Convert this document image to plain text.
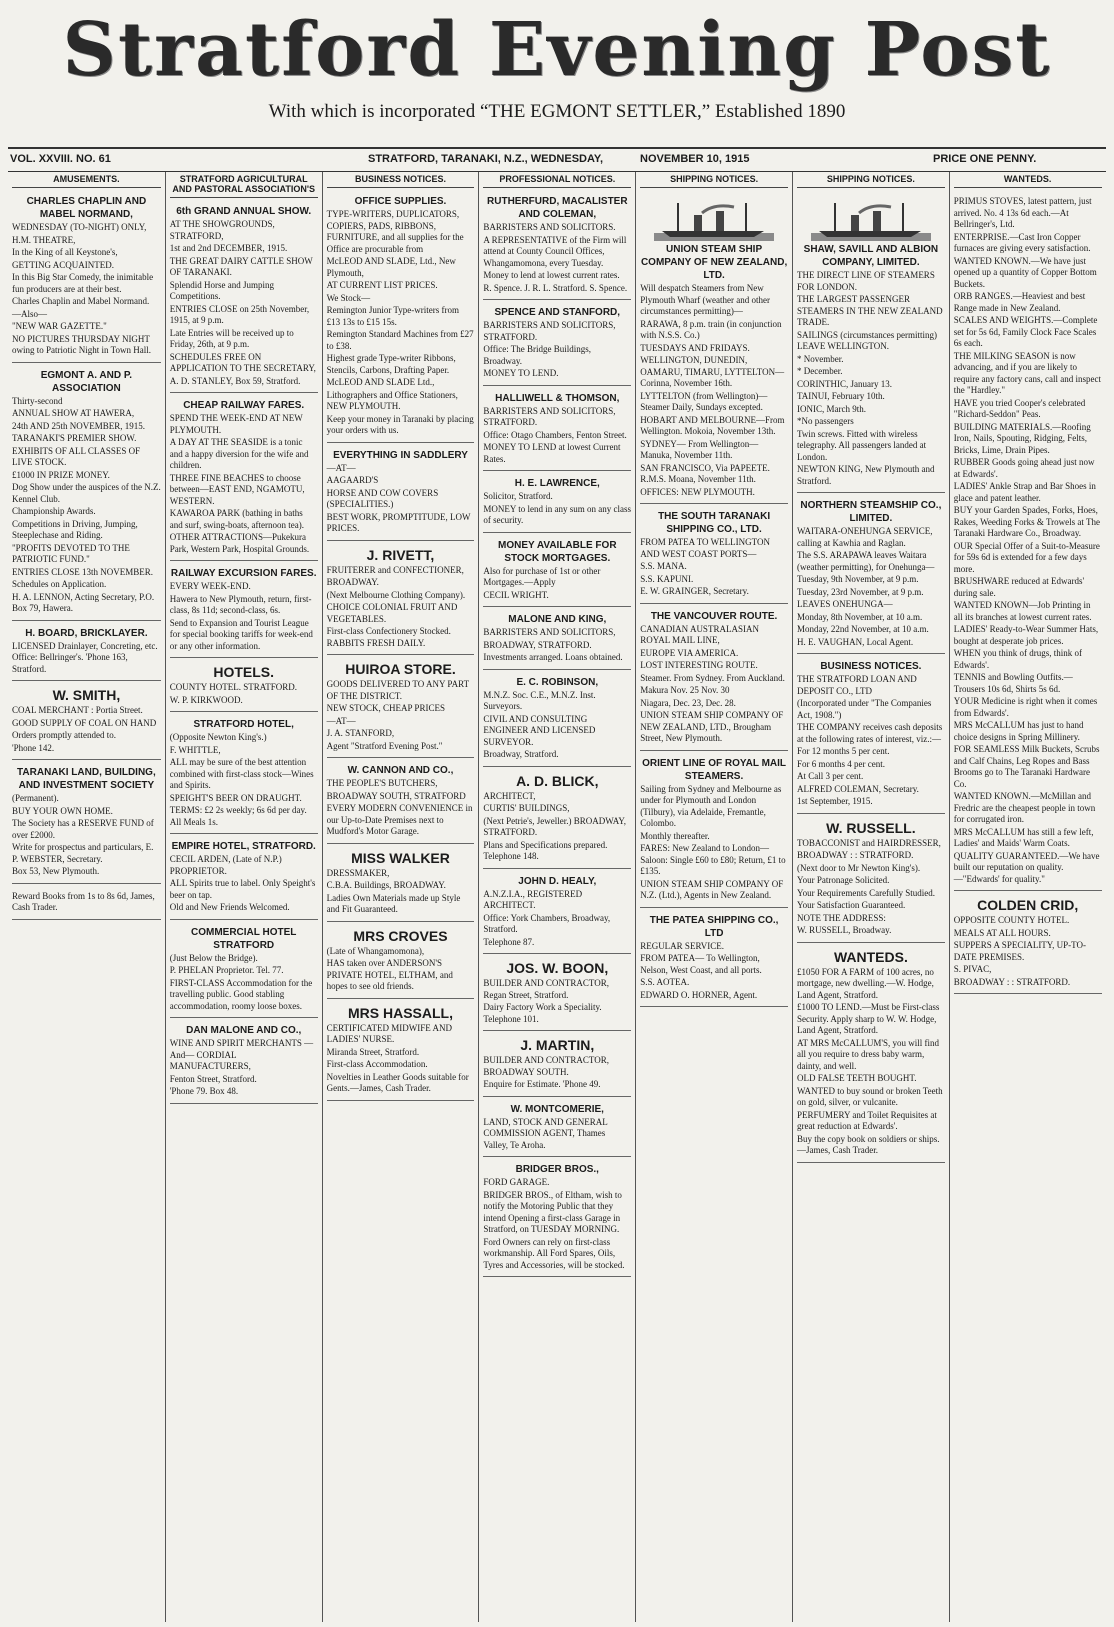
Stratford Evening Post
With which is incorporated “THE EGMONT SETTLER,” Established 1890
VOL. XXVIII. NO. 61	STRATFORD, TARANAKI, N.Z., WEDNESDAY,	NOVEMBER 10, 1915	PRICE ONE PENNY.
AMUSEMENTS.
CHARLES CHAPLIN AND MABEL NORMAND,
WEDNESDAY (TO-NIGHT) ONLY,
H.M. THEATRE,
In the King of all Keystone's,
GETTING ACQUAINTED.
In this Big Star Comedy, the inimitable fun producers are at their best.
Charles Chaplin and Mabel Normand.
—Also—
"NEW WAR GAZETTE."
NO PICTURES THURSDAY NIGHT owing to Patriotic Night in Town Hall.
EGMONT A. AND P. ASSOCIATION
Thirty-second
ANNUAL SHOW AT HAWERA,
24th AND 25th NOVEMBER, 1915.
TARANAKI'S PREMIER SHOW.
EXHIBITS OF ALL CLASSES OF LIVE STOCK.
£1000 IN PRIZE MONEY.
Dog Show under the auspices of the N.Z. Kennel Club.
Championship Awards.
Competitions in Driving, Jumping, Steeplechase and Riding.
"PROFITS DEVOTED TO THE PATRIOTIC FUND."
ENTRIES CLOSE 13th NOVEMBER.
Schedules on Application.
H. A. LENNON, Acting Secretary, P.O. Box 79, Hawera.
H. BOARD, BRICKLAYER.
LICENSED Drainlayer, Concreting, etc. Office: Bellringer's. 'Phone 163, Stratford.
W. SMITH,
COAL MERCHANT : Portia Street.
GOOD SUPPLY OF COAL ON HAND
Orders promptly attended to.
'Phone 142.
TARANAKI LAND, BUILDING, AND INVESTMENT SOCIETY
(Permanent).
BUY YOUR OWN HOME.
The Society has a RESERVE FUND of over £2000.
Write for prospectus and particulars, E. P. WEBSTER, Secretary.
Box 53, New Plymouth.
Reward Books from 1s to 8s 6d, James, Cash Trader.
STRATFORD AGRICULTURAL AND PASTORAL ASSOCIATION'S
6th GRAND ANNUAL SHOW.
AT THE SHOWGROUNDS, STRATFORD,
1st and 2nd DECEMBER, 1915.
THE GREAT DAIRY CATTLE SHOW OF TARANAKI.
Splendid Horse and Jumping Competitions.
ENTRIES CLOSE on 25th November, 1915, at 9 p.m.
Late Entries will be received up to Friday, 26th, at 9 p.m.
SCHEDULES FREE ON APPLICATION TO THE SECRETARY,
A. D. STANLEY, Box 59, Stratford.
CHEAP RAILWAY FARES.
SPEND THE WEEK-END AT NEW PLYMOUTH.
A DAY AT THE SEASIDE is a tonic and a happy diversion for the wife and children.
THREE FINE BEACHES to choose between—EAST END, NGAMOTU, WESTERN.
KAWAROA PARK (bathing in baths and surf, swing-boats, afternoon tea).
OTHER ATTRACTIONS—Pukekura Park, Western Park, Hospital Grounds.
RAILWAY EXCURSION FARES.
EVERY WEEK-END.
Hawera to New Plymouth, return, first-class, 8s 11d; second-class, 6s.
Send to Expansion and Tourist League for special booking tariffs for week-end or any other information.
HOTELS.
COUNTY HOTEL. STRATFORD.
W. P. KIRKWOOD.
STRATFORD HOTEL,
(Opposite Newton King's.)
F. WHITTLE,
ALL may be sure of the best attention combined with first-class stock—Wines and Spirits.
SPEIGHT'S BEER ON DRAUGHT.
TERMS: £2 2s weekly; 6s 6d per day. All Meals 1s.
EMPIRE HOTEL, STRATFORD.
CECIL ARDEN, (Late of N.P.) PROPRIETOR.
ALL Spirits true to label. Only Speight's beer on tap.
Old and New Friends Welcomed.
COMMERCIAL HOTEL STRATFORD
(Just Below the Bridge).
P. PHELAN Proprietor. Tel. 77.
FIRST-CLASS Accommodation for the travelling public. Good stabling accommodation, roomy loose boxes.
DAN MALONE AND CO.,
WINE AND SPIRIT MERCHANTS —And— CORDIAL MANUFACTURERS,
Fenton Street, Stratford.
'Phone 79. Box 48.
BUSINESS NOTICES.
OFFICE SUPPLIES.
TYPE-WRITERS, DUPLICATORS, COPIERS, PADS, RIBBONS, FURNITURE, and all supplies for the Office are procurable from
McLEOD AND SLADE, Ltd., New Plymouth,
AT CURRENT LIST PRICES.
We Stock—
Remington Junior Type-writers from £13 13s to £15 15s.
Remington Standard Machines from £27 to £38.
Highest grade Type-writer Ribbons, Stencils, Carbons, Drafting Paper.
McLEOD AND SLADE Ltd.,
Lithographers and Office Stationers, NEW PLYMOUTH.
Keep your money in Taranaki by placing your orders with us.
EVERYTHING IN SADDLERY
—AT—
AAGAARD'S
HORSE AND COW COVERS (SPECIALITIES.)
BEST WORK, PROMPTITUDE, LOW PRICES.
J. RIVETT,
FRUITERER and CONFECTIONER,
BROADWAY.
(Next Melbourne Clothing Company).
CHOICE COLONIAL FRUIT AND VEGETABLES.
First-class Confectionery Stocked. RABBITS FRESH DAILY.
HUIROA STORE.
GOODS DELIVERED TO ANY PART OF THE DISTRICT.
NEW STOCK, CHEAP PRICES
—AT—
J. A. STANFORD,
Agent "Stratford Evening Post."
W. CANNON AND CO.,
THE PEOPLE'S BUTCHERS,
BROADWAY SOUTH, STRATFORD
EVERY MODERN CONVENIENCE in our Up-to-Date Premises next to Mudford's Motor Garage.
MISS WALKER
DRESSMAKER,
C.B.A. Buildings, BROADWAY.
Ladies Own Materials made up Style and Fit Guaranteed.
MRS CROVES
(Late of Whangamomona),
HAS taken over ANDERSON'S PRIVATE HOTEL, ELTHAM, and hopes to see old friends.
MRS HASSALL,
CERTIFICATED MIDWIFE AND LADIES' NURSE.
Miranda Street, Stratford.
First-class Accommodation.
Novelties in Leather Goods suitable for Gents.—James, Cash Trader.
PROFESSIONAL NOTICES.
RUTHERFURD, MACALISTER AND COLEMAN,
BARRISTERS AND SOLICITORS.
A REPRESENTATIVE of the Firm will attend at County Council Offices, Whangamomona, every Tuesday.
Money to lend at lowest current rates.
R. Spence. J. R. L. Stratford. S. Spence.
SPENCE AND STANFORD,
BARRISTERS AND SOLICITORS, STRATFORD.
Office: The Bridge Buildings, Broadway.
MONEY TO LEND.
HALLIWELL & THOMSON,
BARRISTERS AND SOLICITORS, STRATFORD.
Office: Otago Chambers, Fenton Street.
MONEY TO LEND at lowest Current Rates.
H. E. LAWRENCE,
Solicitor, Stratford.
MONEY to lend in any sum on any class of security.
MONEY AVAILABLE FOR STOCK MORTGAGES.
Also for purchase of 1st or other Mortgages.—Apply
CECIL WRIGHT.
MALONE AND KING,
BARRISTERS AND SOLICITORS,
BROADWAY, STRATFORD.
Investments arranged. Loans obtained.
E. C. ROBINSON,
M.N.Z. Soc. C.E., M.N.Z. Inst. Surveyors.
CIVIL AND CONSULTING ENGINEER AND LICENSED SURVEYOR.
Broadway, Stratford.
A. D. BLICK,
ARCHITECT,
CURTIS' BUILDINGS,
(Next Petrie's, Jeweller.) BROADWAY, STRATFORD.
Plans and Specifications prepared. Telephone 148.
JOHN D. HEALY,
A.N.Z.I.A., REGISTERED ARCHITECT.
Office: York Chambers, Broadway, Stratford.
Telephone 87.
JOS. W. BOON,
BUILDER AND CONTRACTOR, Regan Street, Stratford.
Dairy Factory Work a Speciality. Telephone 101.
J. MARTIN,
BUILDER AND CONTRACTOR, BROADWAY SOUTH.
Enquire for Estimate. 'Phone 49.
W. MONTCOMERIE,
LAND, STOCK AND GENERAL COMMISSION AGENT, Thames Valley, Te Aroha.
BRIDGER BROS.,
FORD GARAGE.
BRIDGER BROS., of Eltham, wish to notify the Motoring Public that they intend Opening a first-class Garage in Stratford, on TUESDAY MORNING.
Ford Owners can rely on first-class workmanship. All Ford Spares, Oils, Tyres and Accessories, will be stocked.
SHIPPING NOTICES.
UNION STEAM SHIP COMPANY OF NEW ZEALAND, LTD.
Will despatch Steamers from New Plymouth Wharf (weather and other circumstances permitting)—
RARAWA, 8 p.m. train (in conjunction with N.S.S. Co.)
TUESDAYS AND FRIDAYS.
WELLINGTON, DUNEDIN, OAMARU, TIMARU, LYTTELTON— Corinna, November 16th.
LYTTELTON (from Wellington)— Steamer Daily, Sundays excepted.
HOBART AND MELBOURNE—From Wellington. Mokoia, November 13th.
SYDNEY— From Wellington—Manuka, November 11th.
SAN FRANCISCO, Via PAPEETE. R.M.S. Moana, November 11th.
OFFICES: NEW PLYMOUTH.
THE SOUTH TARANAKI SHIPPING CO., LTD.
FROM PATEA TO WELLINGTON AND WEST COAST PORTS—
S.S. MANA.
S.S. KAPUNI.
E. W. GRAINGER, Secretary.
THE VANCOUVER ROUTE.
CANADIAN AUSTRALASIAN ROYAL MAIL LINE,
EUROPE VIA AMERICA.
LOST INTERESTING ROUTE.
Steamer. From Sydney. From Auckland.
Makura Nov. 25 Nov. 30
Niagara, Dec. 23, Dec. 28.
UNION STEAM SHIP COMPANY OF NEW ZEALAND, LTD., Brougham Street, New Plymouth.
ORIENT LINE OF ROYAL MAIL STEAMERS.
Sailing from Sydney and Melbourne as under for Plymouth and London (Tilbury), via Adelaide, Fremantle, Colombo.
Monthly thereafter.
FARES: New Zealand to London— Saloon: Single £60 to £80; Return, £1 to £135.
UNION STEAM SHIP COMPANY OF N.Z. (Ltd.), Agents in New Zealand.
THE PATEA SHIPPING CO., LTD
REGULAR SERVICE.
FROM PATEA— To Wellington, Nelson, West Coast, and all ports.
S.S. AOTEA.
EDWARD O. HORNER, Agent.
SHIPPING NOTICES.
SHAW, SAVILL AND ALBION COMPANY, LIMITED.
THE DIRECT LINE OF STEAMERS FOR LONDON.
THE LARGEST PASSENGER STEAMERS IN THE NEW ZEALAND TRADE.
SAILINGS (circumstances permitting) LEAVE WELLINGTON.
* November.
* December.
CORINTHIC, January 13.
TAINUI, February 10th.
IONIC, March 9th.
*No passengers
Twin screws. Fitted with wireless telegraphy. All passengers landed at London.
NEWTON KING, New Plymouth and Stratford.
NORTHERN STEAMSHIP CO., LIMITED.
WAITARA-ONEHUNGA SERVICE, calling at Kawhia and Raglan.
The S.S. ARAPAWA leaves Waitara (weather permitting), for Onehunga—
Tuesday, 9th November, at 9 p.m.
Tuesday, 23rd November, at 9 p.m.
LEAVES ONEHUNGA—
Monday, 8th November, at 10 a.m.
Monday, 22nd November, at 10 a.m.
H. E. VAUGHAN, Local Agent.
BUSINESS NOTICES.
THE STRATFORD LOAN AND DEPOSIT CO., LTD
(Incorporated under "The Companies Act, 1908.")
THE COMPANY receives cash deposits at the following rates of interest, viz.:—
For 12 months 5 per cent.
For 6 months 4 per cent.
At Call 3 per cent.
ALFRED COLEMAN, Secretary.
1st September, 1915.
W. RUSSELL.
TOBACCONIST and HAIRDRESSER,
BROADWAY : : STRATFORD.
(Next door to Mr Newton King's).
Your Patronage Solicited.
Your Requirements Carefully Studied.
Your Satisfaction Guaranteed.
NOTE THE ADDRESS:
W. RUSSELL, Broadway.
WANTEDS.
£1050 FOR A FARM of 100 acres, no mortgage, new dwelling.—W. Hodge, Land Agent, Stratford.
£1000 TO LEND.—Must be First-class Security. Apply sharp to W. W. Hodge, Land Agent, Stratford.
AT MRS McCALLUM'S, you will find all you require to dress baby warm, dainty, and well.
OLD FALSE TEETH BOUGHT.
WANTED to buy sound or broken Teeth on gold, silver, or vulcanite.
PERFUMERY and Toilet Requisites at great reduction at Edwards'.
Buy the copy book on soldiers or ships.—James, Cash Trader.
WANTEDS.
PRIMUS STOVES, latest pattern, just arrived. No. 4 13s 6d each.—At Bellringer's, Ltd.
ENTERPRISE.—Cast Iron Copper furnaces are giving every satisfaction.
WANTED KNOWN.—We have just opened up a quantity of Copper Bottom Buckets.
ORB RANGES.—Heaviest and best Range made in New Zealand.
SCALES AND WEIGHTS.—Complete set for 5s 6d, Family Clock Face Scales 6s each.
THE MILKING SEASON is now advancing, and if you are likely to require any factory cans, call and inspect the "Hardley."
HAVE you tried Cooper's celebrated "Richard-Seddon" Peas.
BUILDING MATERIALS.—Roofing Iron, Nails, Spouting, Ridging, Felts, Bricks, Lime, Drain Pipes.
RUBBER Goods going ahead just now at Edwards'.
LADIES' Ankle Strap and Bar Shoes in glace and patent leather.
BUY your Garden Spades, Forks, Hoes, Rakes, Weeding Forks & Trowels at The Taranaki Hardware Co., Broadway.
OUR Special Offer of a Suit-to-Measure for 59s 6d is extended for a few days more.
BRUSHWARE reduced at Edwards' during sale.
WANTED KNOWN—Job Printing in all its branches at lowest current rates.
LADIES' Ready-to-Wear Summer Hats, bought at desperate job prices.
WHEN you think of drugs, think of Edwards'.
TENNIS and Bowling Outfits.— Trousers 10s 6d, Shirts 5s 6d.
YOUR Medicine is right when it comes from Edwards'.
MRS McCALLUM has just to hand choice designs in Spring Millinery.
FOR SEAMLESS Milk Buckets, Scrubs and Calf Chains, Leg Ropes and Bass Brooms go to The Taranaki Hardware Co.
WANTED KNOWN.—McMillan and Fredric are the cheapest people in town for corrugated iron.
MRS McCALLUM has still a few left, Ladies' and Maids' Warm Coats.
QUALITY GUARANTEED.—We have built our reputation on quality.—"Edwards' for quality."
COLDEN CRID,
OPPOSITE COUNTY HOTEL.
MEALS AT ALL HOURS.
SUPPERS A SPECIALITY, UP-TO-DATE PREMISES.
S. PIVAC,
BROADWAY : : STRATFORD.
